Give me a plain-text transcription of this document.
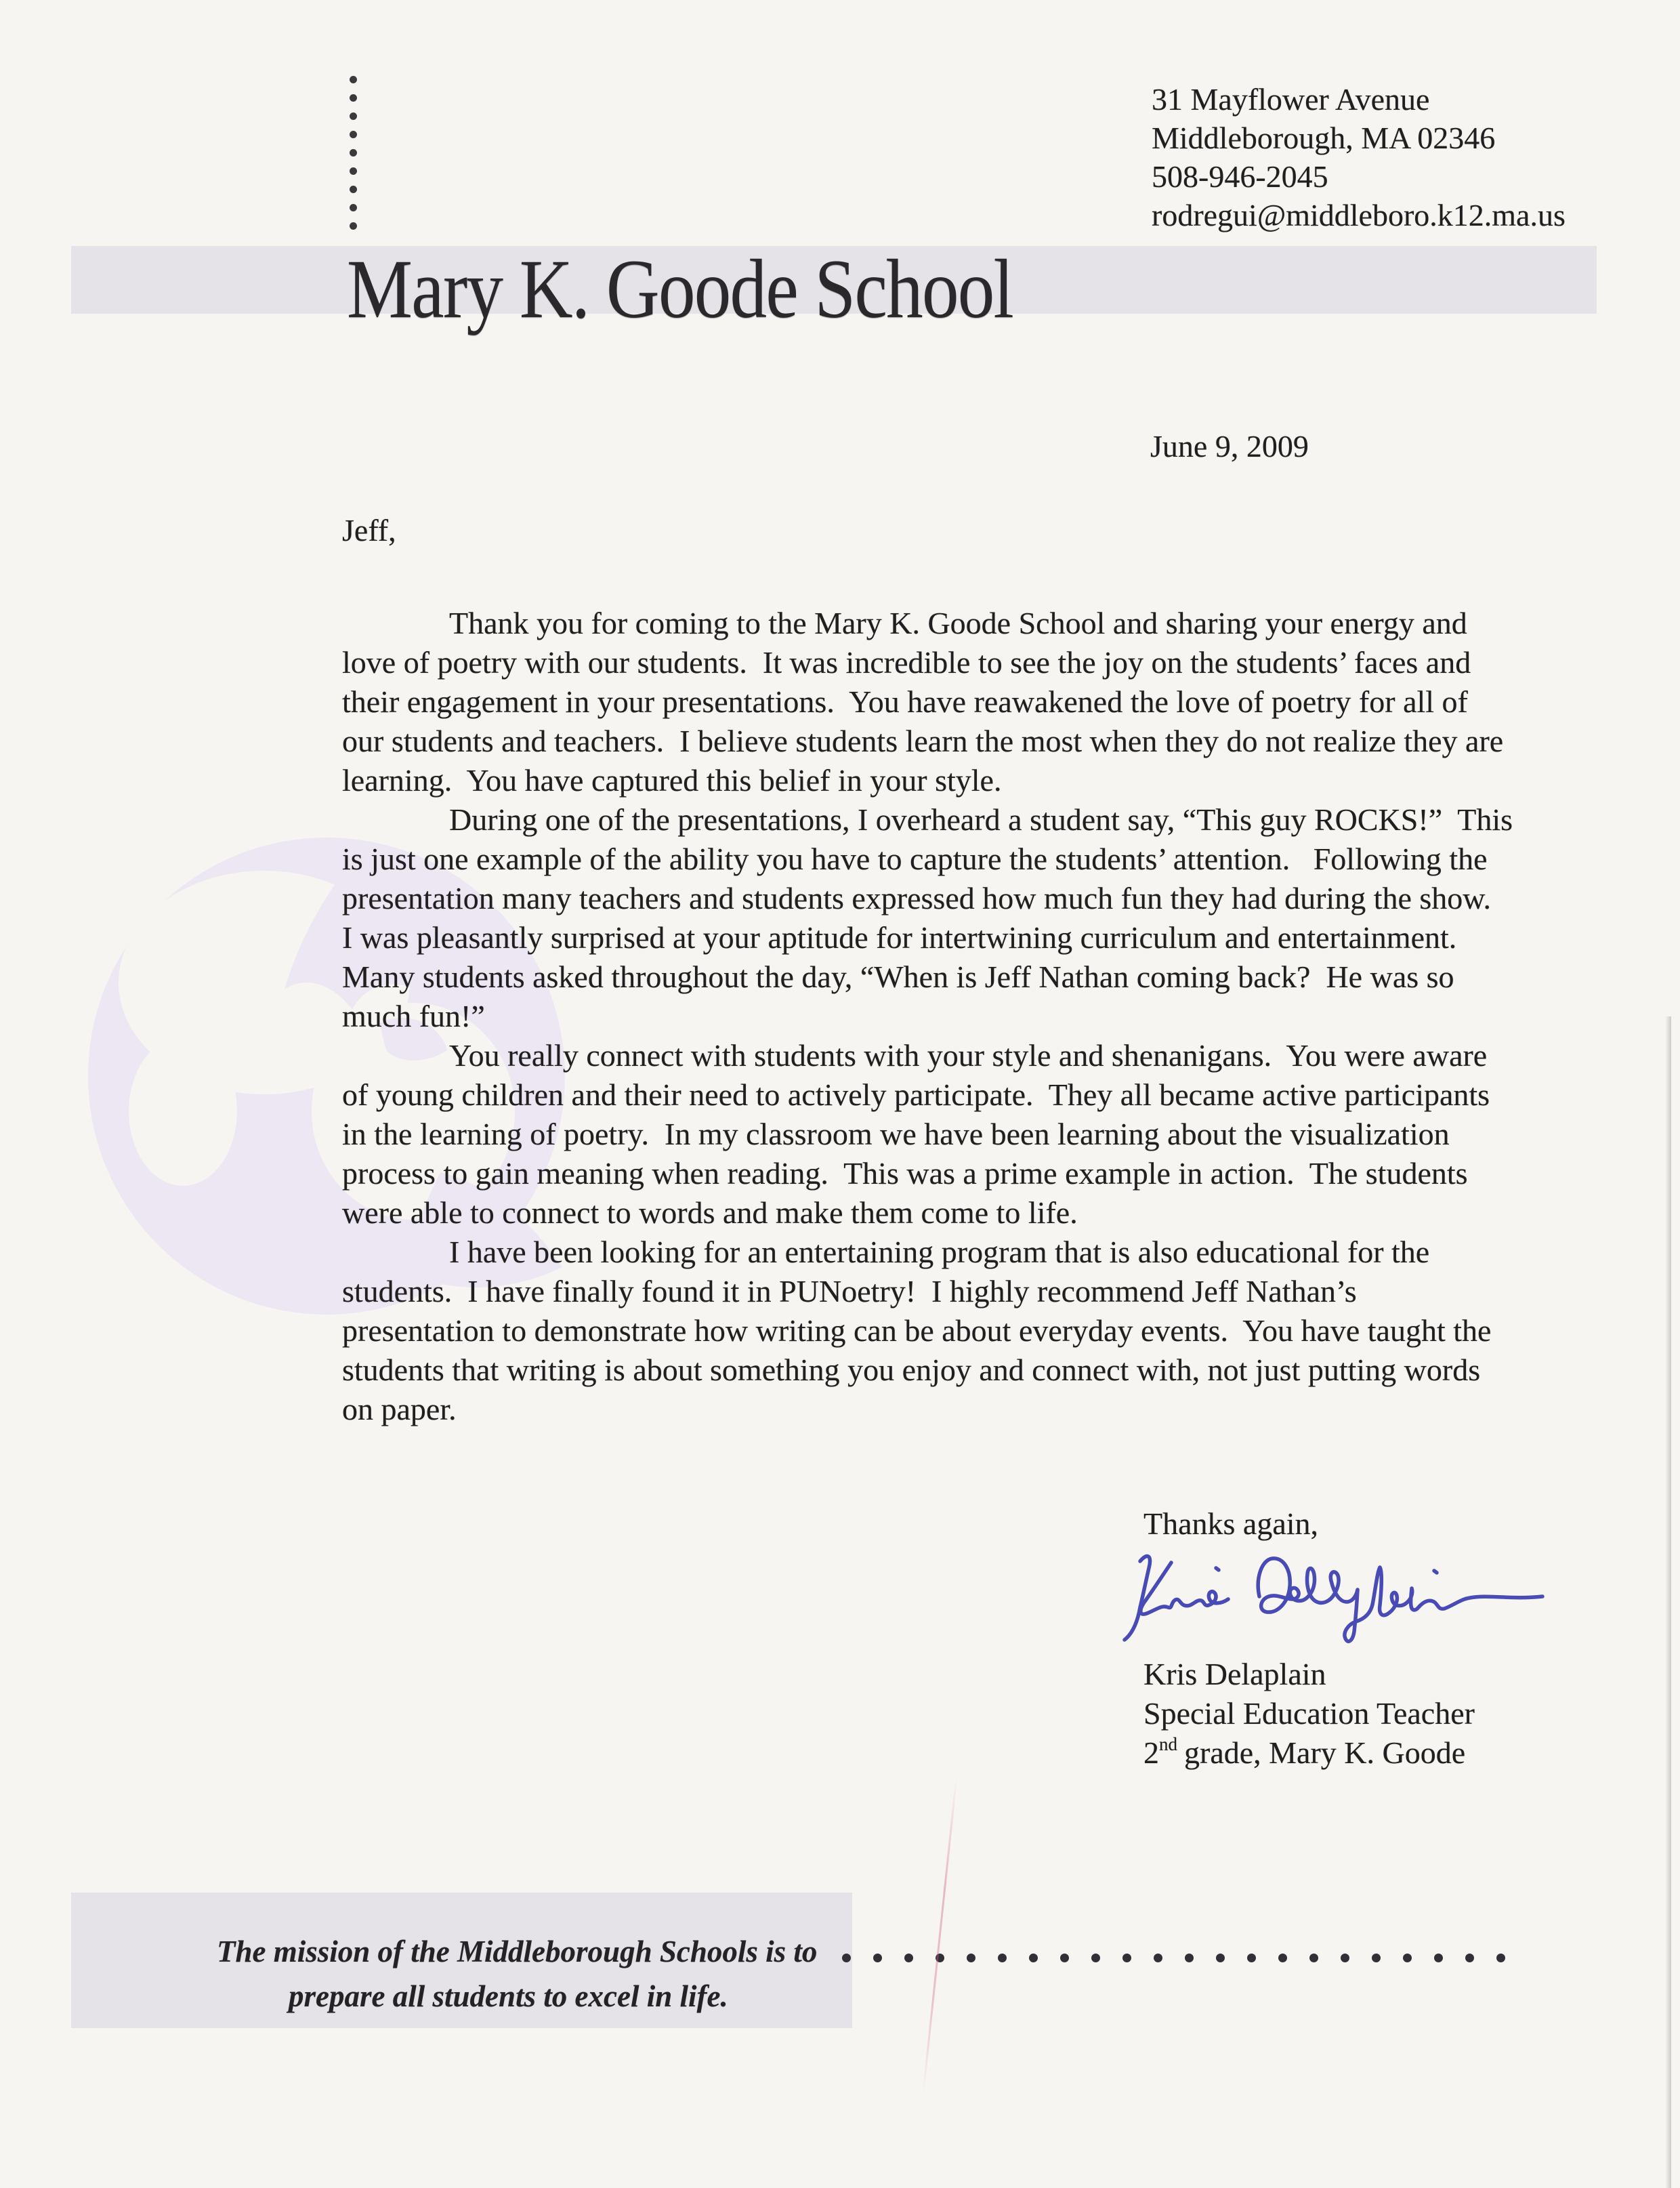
31 Mayflower Avenue
Middleborough, MA 02346
508-946-2045
rodregui@middleboro.k12.ma.us
Mary K. Goode School
June 9, 2009
Jeff,
Thank you for coming to the Mary K. Goode School and sharing your energy and
love of poetry with our students.  It was incredible to see the joy on the students’ faces and
their engagement in your presentations.  You have reawakened the love of poetry for all of
our students and teachers.  I believe students learn the most when they do not realize they are
learning.  You have captured this belief in your style.
During one of the presentations, I overheard a student say, “This guy ROCKS!”  This
is just one example of the ability you have to capture the students’ attention.   Following the
presentation many teachers and students expressed how much fun they had during the show.
I was pleasantly surprised at your aptitude for intertwining curriculum and entertainment.
Many students asked throughout the day, “When is Jeff Nathan coming back?  He was so
much fun!”
You really connect with students with your style and shenanigans.  You were aware
of young children and their need to actively participate.  They all became active participants
in the learning of poetry.  In my classroom we have been learning about the visualization
process to gain meaning when reading.  This was a prime example in action.  The students
were able to connect to words and make them come to life.
I have been looking for an entertaining program that is also educational for the
students.  I have finally found it in PUNoetry!  I highly recommend Jeff Nathan’s
presentation to demonstrate how writing can be about everyday events.  You have taught the
students that writing is about something you enjoy and connect with, not just putting words
on paper.
Thanks again,
Kris Delaplain
Special Education Teacher
2nd grade, Mary K. Goode
The mission of the Middleborough Schools is to
prepare all students to excel in life.
